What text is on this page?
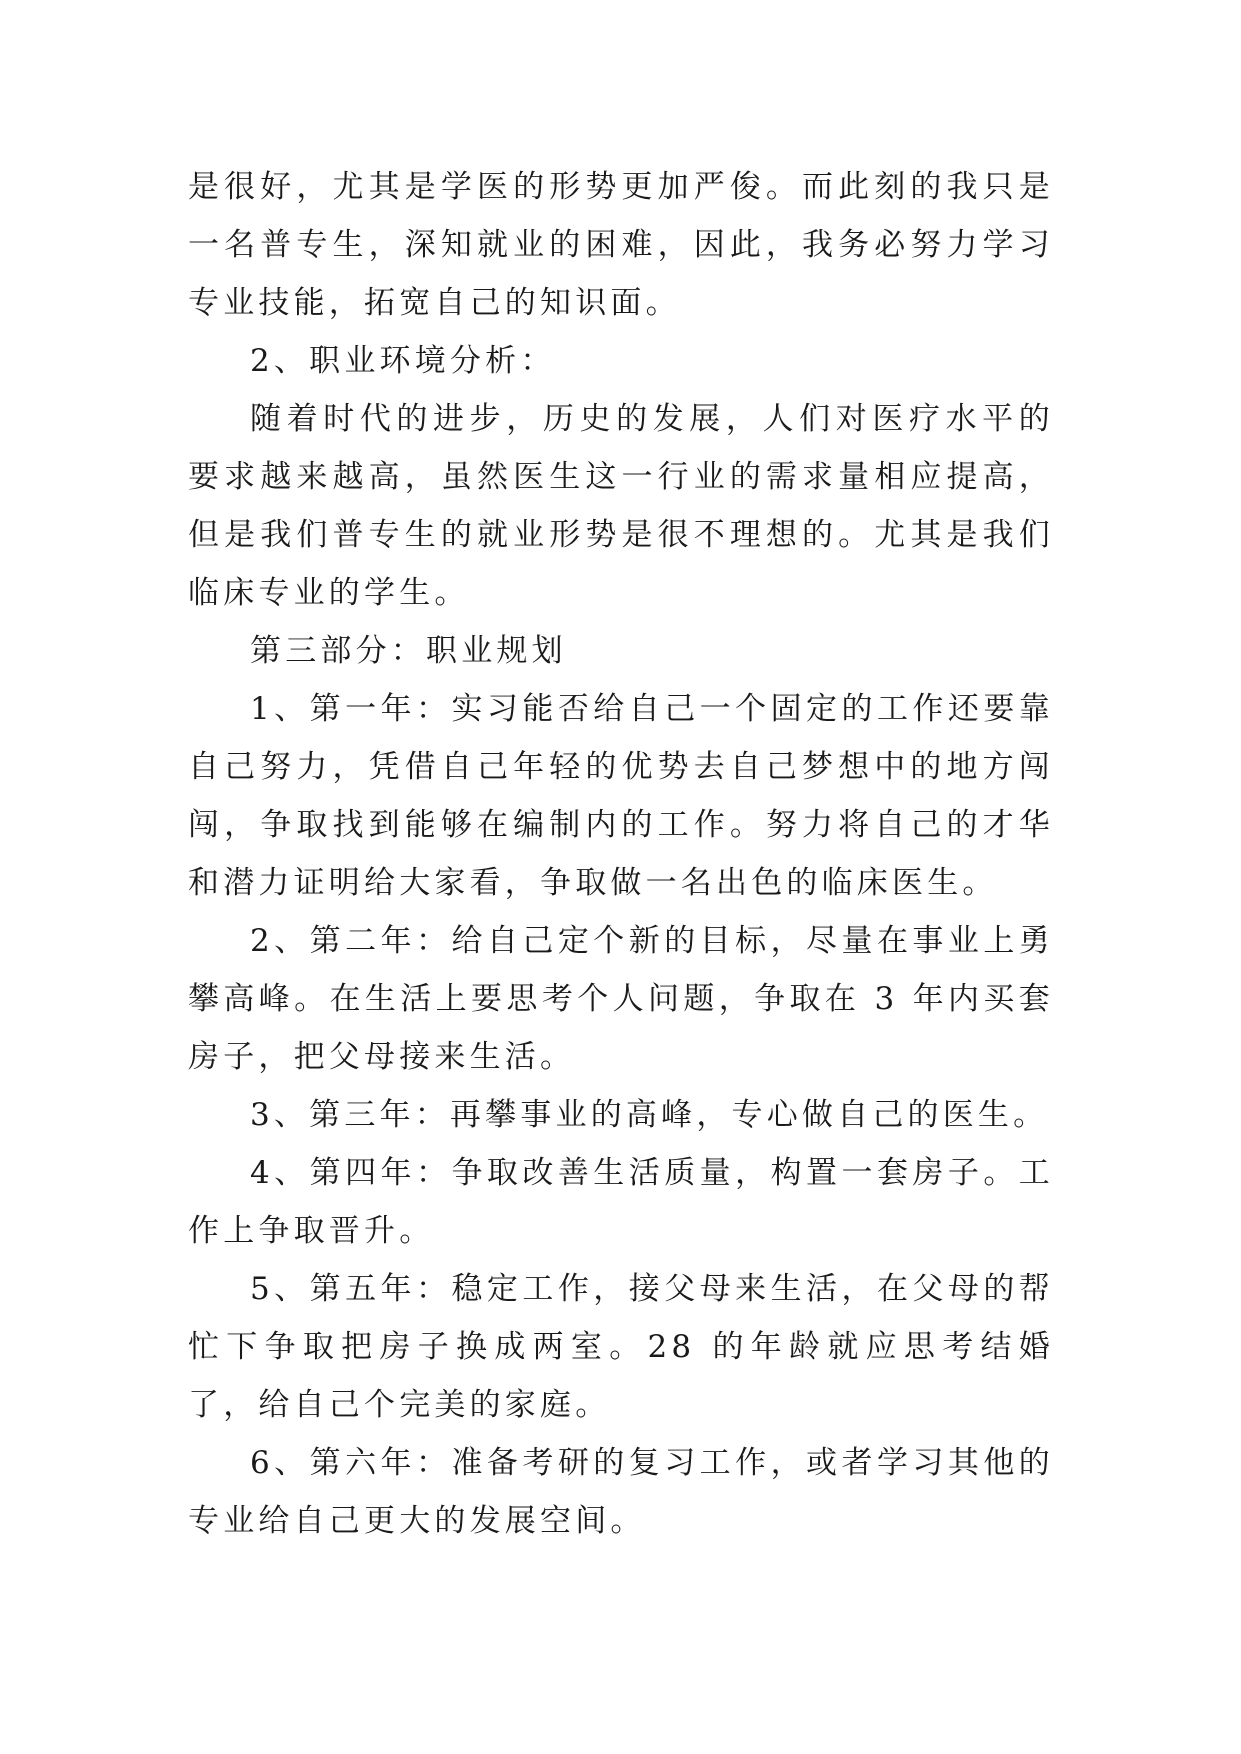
是很好，尤其是学医的形势更加严俊。而此刻的我只是一名普专生，深知就业的困难，因此，我务必努力学习专业技能，拓宽自己的知识面。

2、职业环境分析：

随着时代的进步，历史的发展，人们对医疗水平的要求越来越高，虽然医生这一行业的需求量相应提高，但是我们普专生的就业形势是很不理想的。尤其是我们临床专业的学生。

第三部分：职业规划

1、第一年：实习能否给自己一个固定的工作还要靠自己努力，凭借自己年轻的优势去自己梦想中的地方闯闯，争取找到能够在编制内的工作。努力将自己的才华和潜力证明给大家看，争取做一名出色的临床医生。

2、第二年：给自己定个新的目标，尽量在事业上勇攀高峰。在生活上要思考个人问题，争取在 3 年内买套房子，把父母接来生活。

3、第三年：再攀事业的高峰，专心做自己的医生。

4、第四年：争取改善生活质量，构置一套房子。工作上争取晋升。

5、第五年：稳定工作，接父母来生活，在父母的帮忙下争取把房子换成两室。28 的年龄就应思考结婚了，给自己个完美的家庭。

6、第六年：准备考研的复习工作，或者学习其他的专业给自己更大的发展空间。
